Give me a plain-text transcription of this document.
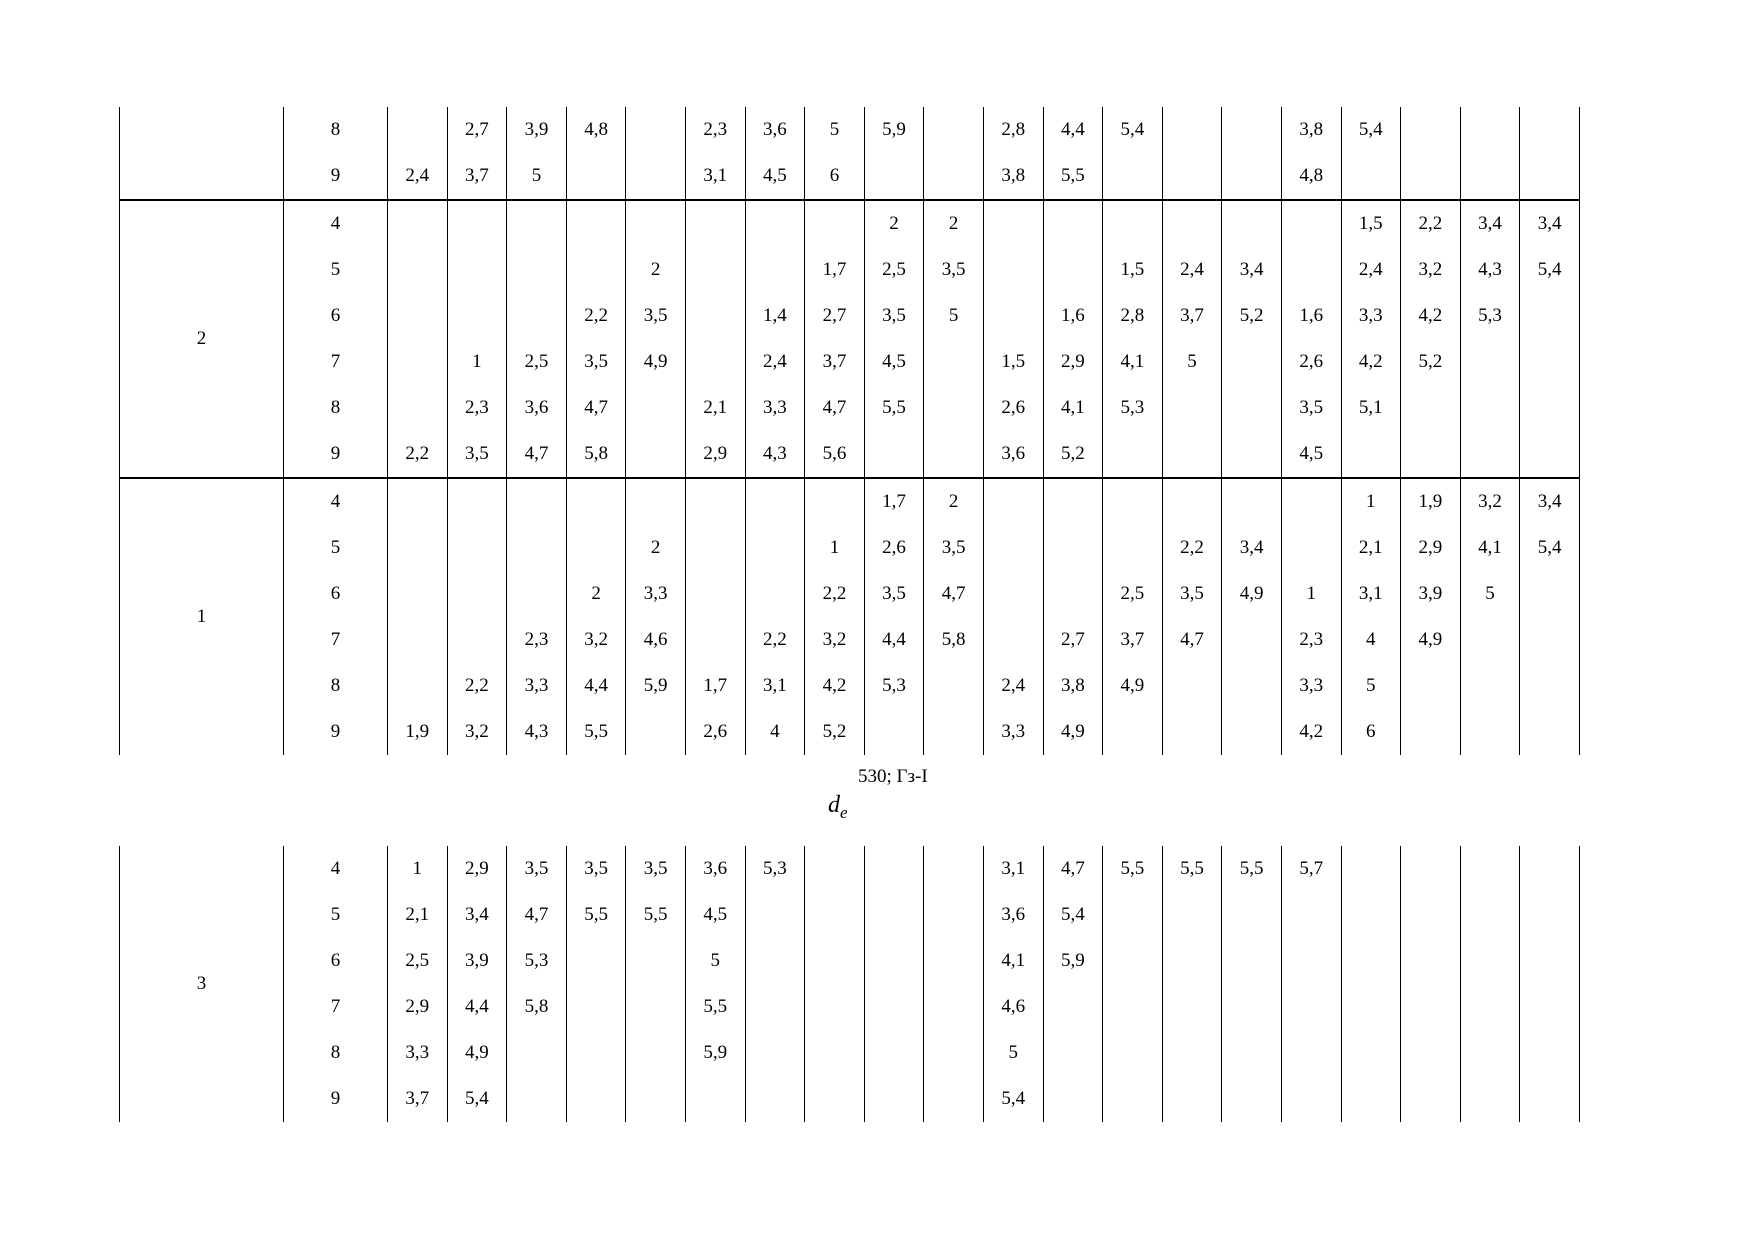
	8		2,7	3,9	4,8		2,3	3,6	5	5,9		2,8	4,4	5,4			3,8	5,4			
	9	2,4	3,7	5			3,1	4,5	6			3,8	5,5				4,8				
2	4									2	2							1,5	2,2	3,4	3,4
	5					2			1,7	2,5	3,5			1,5	2,4	3,4		2,4	3,2	4,3	5,4
	6				2,2	3,5		1,4	2,7	3,5	5		1,6	2,8	3,7	5,2	1,6	3,3	4,2	5,3	
	7		1	2,5	3,5	4,9		2,4	3,7	4,5		1,5	2,9	4,1	5		2,6	4,2	5,2		
	8		2,3	3,6	4,7		2,1	3,3	4,7	5,5		2,6	4,1	5,3			3,5	5,1			
	9	2,2	3,5	4,7	5,8		2,9	4,3	5,6			3,6	5,2				4,5				
1	4									1,7	2							1	1,9	3,2	3,4
	5					2			1	2,6	3,5				2,2	3,4		2,1	2,9	4,1	5,4
	6				2	3,3			2,2	3,5	4,7			2,5	3,5	4,9	1	3,1	3,9	5	
	7			2,3	3,2	4,6		2,2	3,2	4,4	5,8		2,7	3,7	4,7		2,3	4	4,9		
	8		2,2	3,3	4,4	5,9	1,7	3,1	4,2	5,3		2,4	3,8	4,9			3,3	5			
	9	1,9	3,2	4,3	5,5		2,6	4	5,2			3,3	4,9				4,2	6			
$d_e$
530; Гз-I
3	4	1	2,9	3,5	3,5	3,5	3,6	5,3				3,1	4,7	5,5	5,5	5,5	5,7				
	5	2,1	3,4	4,7	5,5	5,5	4,5					3,6	5,4								
	6	2,5	3,9	5,3			5					4,1	5,9								
	7	2,9	4,4	5,8			5,5					4,6									
	8	3,3	4,9				5,9					5									
	9	3,7	5,4									5,4									
